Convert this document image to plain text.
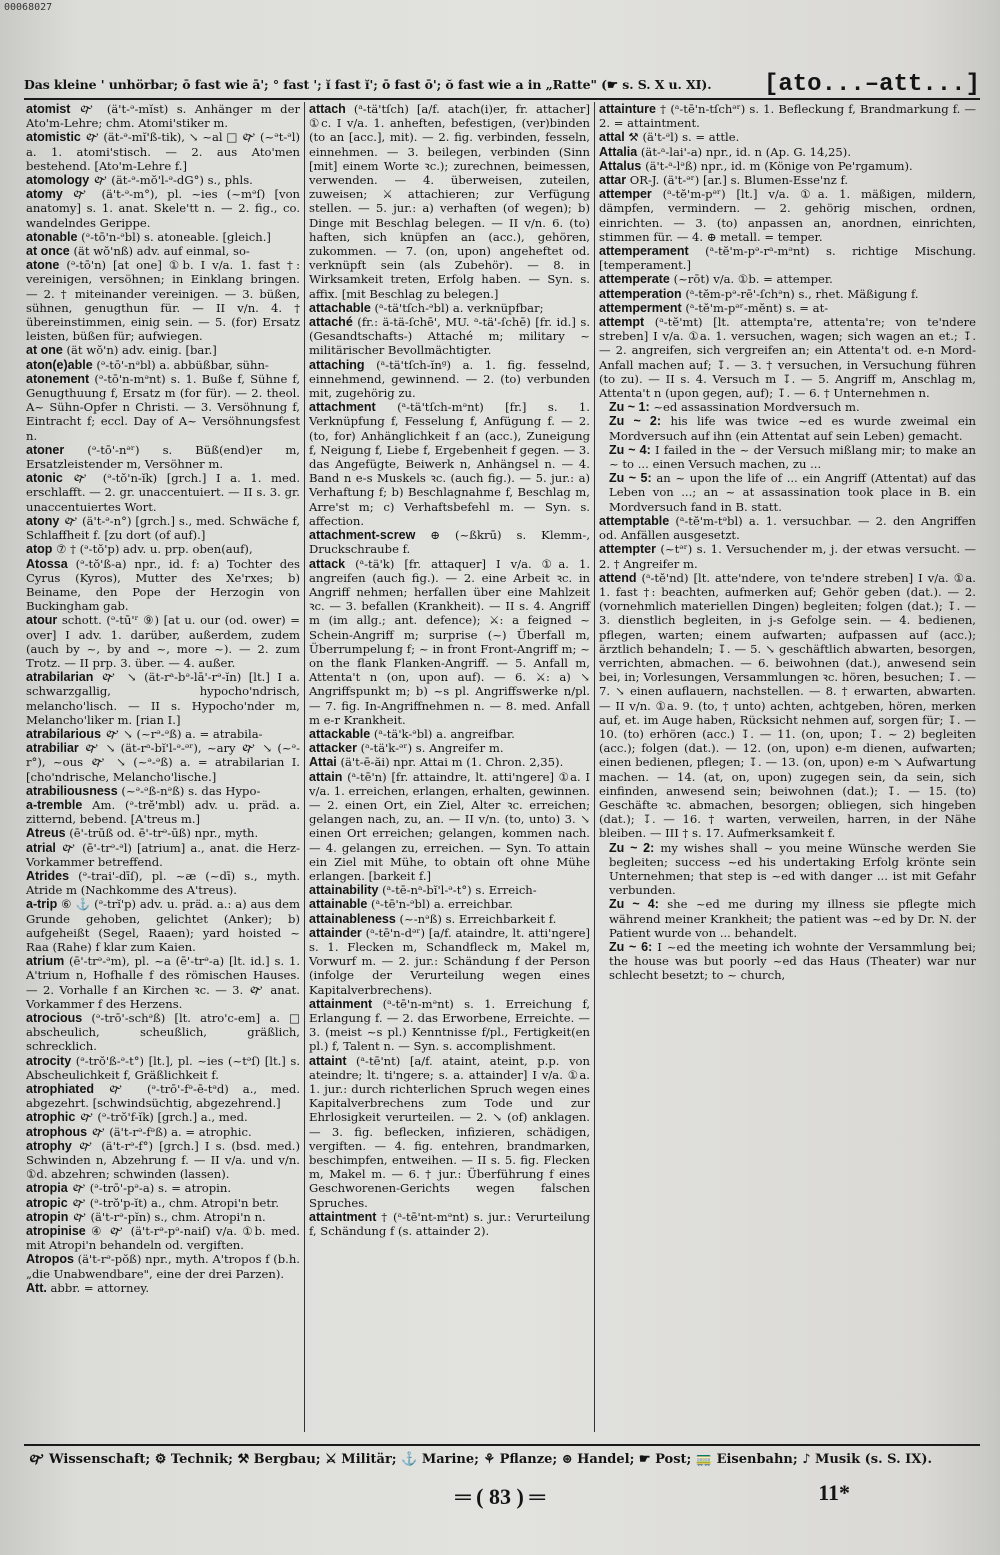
00068027
Das kleine ' unhörbar; ō fast wie ā'; ° fast '; ĭ fast ĭ'; ō fast ō'; ŏ fast wie a in „Ratte" (☛ s. S. X u. XI). [ato...–att...]

atomist 🙰 (ä't-ᵊ-mĭst) s. Anhänger m der Ato'm-Lehre; chm. Atomi'stiker m.

atomistic 🙰 (ät-ᵊ-mĭ'ß-tik), ↘ ~al □ 🙰 (~ᵊt-ᵊl) a. 1. atomi'stisch. — 2. aus Ato'men bestehend. [Ato'm-Lehre f.]

atomology 🙰 (ät-ᵊ-mŏ'l-ᵊ-dG°) s., phls.

atomy 🙰 (ä't-ᵊ-m°), pl. ~ies (~mᵊſ) [von anatomy] s. 1. anat. Skele'tt n. — 2. fig., co. wandelndes Gerippe.

atonable (ᵊ-tō'n-ᵊbl) s. atoneable. [gleich.]

at once (ät wŏ'nß) adv. auf einmal, so-

atone (ᵊ-tō'n) [at one] ①b. I v/a. 1. fast †: vereinigen, versöhnen; in Einklang bringen. — 2. † miteinander vereinigen. — 3. büßen, sühnen, genugthun für. — II v/n. 4. † übereinstimmen, einig sein. — 5. (for) Ersatz leisten, büßen für; aufwiegen.

at one (ät wŏ'n) adv. einig. [bar.]

aton(e)able (ᵊ-tō'-nᵊbl) a. abbüßbar, sühn-

atonement (ᵊ-tō'n-mᵊnt) s. 1. Buße f, Sühne f, Genugthuung f, Ersatz m (for für). — 2. theol. A~ Sühn-Opfer n Christi. — 3. Versöhnung f, Eintracht f; eccl. Day of A~ Versöhnungsfest n.

atoner (ᵊ-tō'-nᵊʳ) s. Büß(end)er m, Ersatzleistender m, Versöhner m.

atonic 🙰 (ᵊ-tŏ'n-ĭk) [grch.] I a. 1. med. erschlafft. — 2. gr. unaccentuiert. — II s. 3. gr. unaccentuiertes Wort.

atony 🙰 (ä't-ᵊ-n°) [grch.] s., med. Schwäche f, Schlaffheit f. [zu dort (of auf).]

atop ⑦ † (ᵊ-tŏ'p) adv. u. prp. oben(auf),

Atossa (ᵊ-tŏ'ß-a) npr., id. f: a) Tochter des Cyrus (Kyros), Mutter des Xe'rxes; b) Beiname, den Pope der Herzogin von Buckingham gab.

atour schott. (ᵊ-tū'ʳ ⑨) [at u. our (od. ower) = over] I adv. 1. darüber, außerdem, zudem (auch by ~, by and ~, more ~). — 2. zum Trotz. — II prp. 3. über. — 4. außer.

atrabilarian 🙰 ↘ (ät-rᵃ-bᵊ-lā'-rᵊ-ĭn) [lt.] I a. schwarzgallig, hypocho'ndrisch, melancho'lisch. — II s. Hypocho'nder m, Melancho'liker m. [rian I.]

atrabilarious 🙰 ↘ (~rᵊ-ᵊß) a. = atrabila-

atrabiliar 🙰 ↘ (ät-rᵃ-bĭ'l-ᵊ-ᵊʳ), ~ary 🙰 ↘ (~ᵊ-r°), ~ous 🙰 ↘ (~ᵊ-ᵊß) a. = atrabilarian I. [cho'ndrische, Melancho'lische.]

atrabiliousness (~ᵊ-ᵊß-nᵊß) s. das Hypo-

a-tremble Am. (ᵊ-trĕ'mbl) adv. u. präd. a. zitternd, bebend. [A'treus m.]

Atreus (ē'-trūß od. ē'-trᵊ-ūß) npr., myth.

atrial 🙰 (ē'-trᵊ-ᵊl) [atrium] a., anat. die Herz-Vorkammer betreffend.

Atrides (ᵊ-trai'-dīſ), pl. ~æ (~dī) s., myth. Atride m (Nachkomme des A'treus).

a-trip ⑥ ⚓ (ᵊ-trĭ'p) adv. u. präd. a.: a) aus dem Grunde gehoben, gelichtet (Anker); b) aufgeheißt (Segel, Raaen); yard hoisted ~ Raa (Rahe) f klar zum Kaien.

atrium (ē'-trᵊ-ᵊm), pl. ~a (ē'-trᵊ-a) [lt. id.] s. 1. A'trium n, Hofhalle f des römischen Hauses. — 2. Vorhalle f an Kirchen ꝛc. — 3. 🙰 anat. Vorkammer f des Herzens.

atrocious (ᵊ-trō'-schᵊß) [lt. atro'c-em] a. □ abscheulich, scheußlich, gräßlich, schrecklich.

atrocity (ᵊ-trŏ'ß-ᵊ-t°) [lt.], pl. ~ies (~tᵊſ) [lt.] s. Abscheulichkeit f, Gräßlichkeit f.

atrophiated 🙰 (ᵊ-trō'-fᵊ-ē-tᵊd) a., med. abgezehrt. [schwindsüchtig, abgezehrend.]

atrophic 🙰 (ᵊ-trŏ'f-ĭk) [grch.] a., med.

atrophous 🙰 (ä't-rᵊ-fᵊß) a. = atrophic.

atrophy 🙰 (ä't-rᵊ-f°) [grch.] I s. (bsd. med.) Schwinden n, Abzehrung f. — II v/a. und v/n. ①d. abzehren; schwinden (lassen).

atropia 🙰 (ᵊ-trō'-pᵊ-a) s. = atropin.

atropic 🙰 (ᵊ-trŏ'p-ĭt) a., chm. Atropi'n betr.

atropin 🙰 (ä't-rᵊ-pĭn) s., chm. Atropi'n n.

atropinise ④ 🙰 (ä't-rᵊ-pᵊ-naiſ) v/a. ①b. med. mit Atropi'n behandeln od. vergiften.

Atropos (ä't-rᵊ-pŏß) npr., myth. A'tropos f (b.h. „die Unabwendbare", eine der drei Parzen).

Att. abbr. = attorney.

attach (ᵃ-tä'tſch) [a/f. atach(i)er, fr. attacher] ①c. I v/a. 1. anheften, befestigen, (ver)binden (to an [acc.], mit). — 2. fig. verbinden, fesseln, einnehmen. — 3. beilegen, verbinden (Sinn [mit] einem Worte ꝛc.); zurechnen, beimessen, verwenden. — 4. überweisen, zuteilen, zuweisen; ⚔ attachieren; zur Verfügung stellen. — 5. jur.: a) verhaften (of wegen); b) Dinge mit Beschlag belegen. — II v/n. 6. (to) haften, sich knüpfen an (acc.), gehören, zukommen. — 7. (on, upon) angeheftet od. verknüpft sein (als Zubehör). — 8. in Wirksamkeit treten, Erfolg haben. — Syn. s. affix. [mit Beschlag zu belegen.]

attachable (ᵃ-tä'tſch-ᵊbl) a. verknüpfbar;

attaché (fr.: ä-tä-ſchē', MU. ᵃ-tä'-ſchē) [fr. id.] s. (Gesandtschafts-) Attaché m; military ~ militärischer Bevollmächtigter.

attaching (ᵃ-tä'tſch-ĭnᵍ) a. 1. fig. fesselnd, einnehmend, gewinnend. — 2. (to) verbunden mit, zugehörig zu.

attachment (ᵃ-tä'tſch-mᵊnt) [fr.] s. 1. Verknüpfung f, Fesselung f, Anfügung f. — 2. (to, for) Anhänglichkeit f an (acc.), Zuneigung f, Neigung f, Liebe f, Ergebenheit f gegen. — 3. das Angefügte, Beiwerk n, Anhängsel n. — 4. Band n e-s Muskels ꝛc. (auch fig.). — 5. jur.: a) Verhaftung f; b) Beschlagnahme f, Beschlag m, Arre'st m; c) Verhaftsbefehl m. — Syn. s. affection.

attachment-screw ⊕ (~ßkrū) s. Klemm-, Druckschraube f.

attack (ᵃ-tä'k) [fr. attaquer] I v/a. ①a. 1. angreifen (auch fig.). — 2. eine Arbeit ꝛc. in Angriff nehmen; herfallen über eine Mahlzeit ꝛc. — 3. befallen (Krankheit). — II s. 4. Angriff m (im allg.; ant. defence); ⚔: a feigned ~ Schein-Angriff m; surprise (~) Überfall m, Überrumpelung f; ~ in front Front-Angriff m; ~ on the flank Flanken-Angriff. — 5. Anfall m, Attenta't n (on, upon auf). — 6. ⚔: a) ↘ Angriffspunkt m; b) ~s pl. Angriffswerke n/pl. — 7. fig. In-Angriffnehmen n. — 8. med. Anfall m e-r Krankheit.

attackable (ᵃ-tä'k-ᵊbl) a. angreifbar.

attacker (ᵃ-tä'k-ᵊʳ) s. Angreifer m.

Attai (ä't-ē-ăi) npr. Attai m (1. Chron. 2,35).

attain (ᵃ-tē'n) [fr. attaindre, lt. atti'ngere] ①a. I v/a. 1. erreichen, erlangen, erhalten, gewinnen. — 2. einen Ort, ein Ziel, Alter ꝛc. erreichen; gelangen nach, zu, an. — II v/n. (to, unto) 3. ↘ einen Ort erreichen; gelangen, kommen nach. — 4. gelangen zu, erreichen. — Syn. To attain ein Ziel mit Mühe, to obtain oft ohne Mühe erlangen. [barkeit f.]

attainability (ᵃ-tē-nᵃ-bĭ'l-ᵊ-t°) s. Erreich-

attainable (ᵃ-tē'n-ᵊbl) a. erreichbar.

attainableness (~-nᵊß) s. Erreichbarkeit f.

attainder (ᵃ-tē'n-dᵊʳ) [a/f. ataindre, lt. atti'ngere] s. 1. Flecken m, Schandfleck m, Makel m, Vorwurf m. — 2. jur.: Schändung f der Person (infolge der Verurteilung wegen eines Kapitalverbrechens).

attainment (ᵃ-tē'n-mᵊnt) s. 1. Erreichung f, Erlangung f. — 2. das Erworbene, Erreichte. — 3. (meist ~s pl.) Kenntnisse f/pl., Fertigkeit(en pl.) f, Talent n. — Syn. s. accomplishment.

attaint (ᵃ-tē'nt) [a/f. ataint, ateint, p.p. von ateindre; lt. ti'ngere; s. a. attainder] I v/a. ①a. 1. jur.: durch richterlichen Spruch wegen eines Kapitalverbrechens zum Tode und zur Ehrlosigkeit verurteilen. — 2. ↘ (of) anklagen. — 3. fig. beflecken, infizieren, schädigen, vergiften. — 4. fig. entehren, brandmarken, beschimpfen, entweihen. — II s. 5. fig. Flecken m, Makel m. — 6. † jur.: Überführung f eines Geschworenen-Gerichts wegen falschen Spruches.

attaintment † (ᵃ-tē'nt-mᵊnt) s. jur.: Verurteilung f, Schändung f (s. attainder 2).

attainture † (ᵃ-tē'n-tſchᵊʳ) s. 1. Befleckung f, Brandmarkung f. — 2. = attaintment.

attal ⚒ (ä't-ᵊl) s. = attle.

Attalia (ät-ᵃ-lai'-a) npr., id. n (Ap. G. 14,25).

Attalus (ä't-ᵃ-lᵊß) npr., id. m (Könige von Pe'rgamum).

attar OR-J. (ä't-ᵊʳ) [ar.] s. Blumen-Esse'nz f.

attemper (ᵃ-tĕ'm-pᵊʳ) [lt.] v/a. ①a. 1. mäßigen, mildern, dämpfen, vermindern. — 2. gehörig mischen, ordnen, einrichten. — 3. (to) anpassen an, anordnen, einrichten, stimmen für. — 4. ⊕ metall. = temper.

attemperament (ᵃ-tĕ'm-pᵊ-rᵃ-mᵊnt) s. richtige Mischung. [temperament.]

attemperate (~rōt) v/a. ①b. = attemper.

attemperation (ᵃ-tĕm-pᵊ-rē'-ſchᵊn) s., rhet. Mäßigung f.

attemperment (ᵃ-tĕ'm-pᵊʳ-mĕnt) s. = at-

attempt (ᵃ-tĕ'mt) [lt. attempta're, attenta're; von te'ndere streben] I v/a. ①a. 1. versuchen, wagen; sich wagen an et.; ↧. — 2. angreifen, sich vergreifen an; ein Attenta't od. e-n Mord-Anfall machen auf; ↧. — 3. † versuchen, in Versuchung führen (to zu). — II s. 4. Versuch m ↧. — 5. Angriff m, Anschlag m, Attenta't n (upon gegen, auf); ↧. — 6. † Unternehmen n.

Zu ~ 1: ~ed assassination Mordversuch m.

Zu ~ 2: his life was twice ~ed es wurde zweimal ein Mordversuch auf ihn (ein Attentat auf sein Leben) gemacht.

Zu ~ 4: I failed in the ~ der Versuch mißlang mir; to make an ~ to ... einen Versuch machen, zu ...

Zu ~ 5: an ~ upon the life of ... ein Angriff (Attentat) auf das Leben von ...; an ~ at assassination took place in B. ein Mordversuch fand in B. statt.

attemptable (ᵃ-tĕ'm-tᵊbl) a. 1. versuchbar. — 2. den Angriffen od. Anfällen ausgesetzt.

attempter (~tᵊʳ) s. 1. Versuchender m, j. der etwas versucht. — 2. † Angreifer m.

attend (ᵃ-tĕ'nd) [lt. atte'ndere, von te'ndere streben] I v/a. ①a. 1. fast †: beachten, aufmerken auf; Gehör geben (dat.). — 2. (vornehmlich materiellen Dingen) begleiten; folgen (dat.); ↧. — 3. dienstlich begleiten, in j-s Gefolge sein. — 4. bedienen, pflegen, warten; einem aufwarten; aufpassen auf (acc.); ärztlich behandeln; ↧. — 5. ↘ geschäftlich abwarten, besorgen, verrichten, abmachen. — 6. beiwohnen (dat.), anwesend sein bei, in; Vorlesungen, Versammlungen ꝛc. hören, besuchen; ↧. — 7. ↘ einen auflauern, nachstellen. — 8. † erwarten, abwarten. — II v/n. ①a. 9. (to, † unto) achten, achtgeben, hören, merken auf, et. im Auge haben, Rücksicht nehmen auf, sorgen für; ↧. — 10. (to) erhören (acc.) ↧. — 11. (on, upon; ↧. ~ 2) begleiten (acc.); folgen (dat.). — 12. (on, upon) e-m dienen, aufwarten; einen bedienen, pflegen; ↧. — 13. (on, upon) e-m ↘ Aufwartung machen. — 14. (at, on, upon) zugegen sein, da sein, sich einfinden, anwesend sein; beiwohnen (dat.); ↧. — 15. (to) Geschäfte ꝛc. abmachen, besorgen; obliegen, sich hingeben (dat.); ↧. — 16. † warten, verweilen, harren, in der Nähe bleiben. — III † s. 17. Aufmerksamkeit f.

Zu ~ 2: my wishes shall ~ you meine Wünsche werden Sie begleiten; success ~ed his undertaking Erfolg krönte sein Unternehmen; that step is ~ed with danger ... ist mit Gefahr verbunden.

Zu ~ 4: she ~ed me during my illness sie pflegte mich während meiner Krankheit; the patient was ~ed by Dr. N. der Patient wurde von ... behandelt.

Zu ~ 6: I ~ed the meeting ich wohnte der Versammlung bei; the house was but poorly ~ed das Haus (Theater) war nur schlecht besetzt; to ~ church,

🙰 Wissenschaft; ⚙ Technik; ⚒ Bergbau; ⚔ Militär; ⚓ Marine; ⚘ Pflanze; ⊛ Handel; ☛ Post; 🚃 Eisenbahn; ♪ Musik (s. S. IX).
═ ( 83 ) ═	11*
